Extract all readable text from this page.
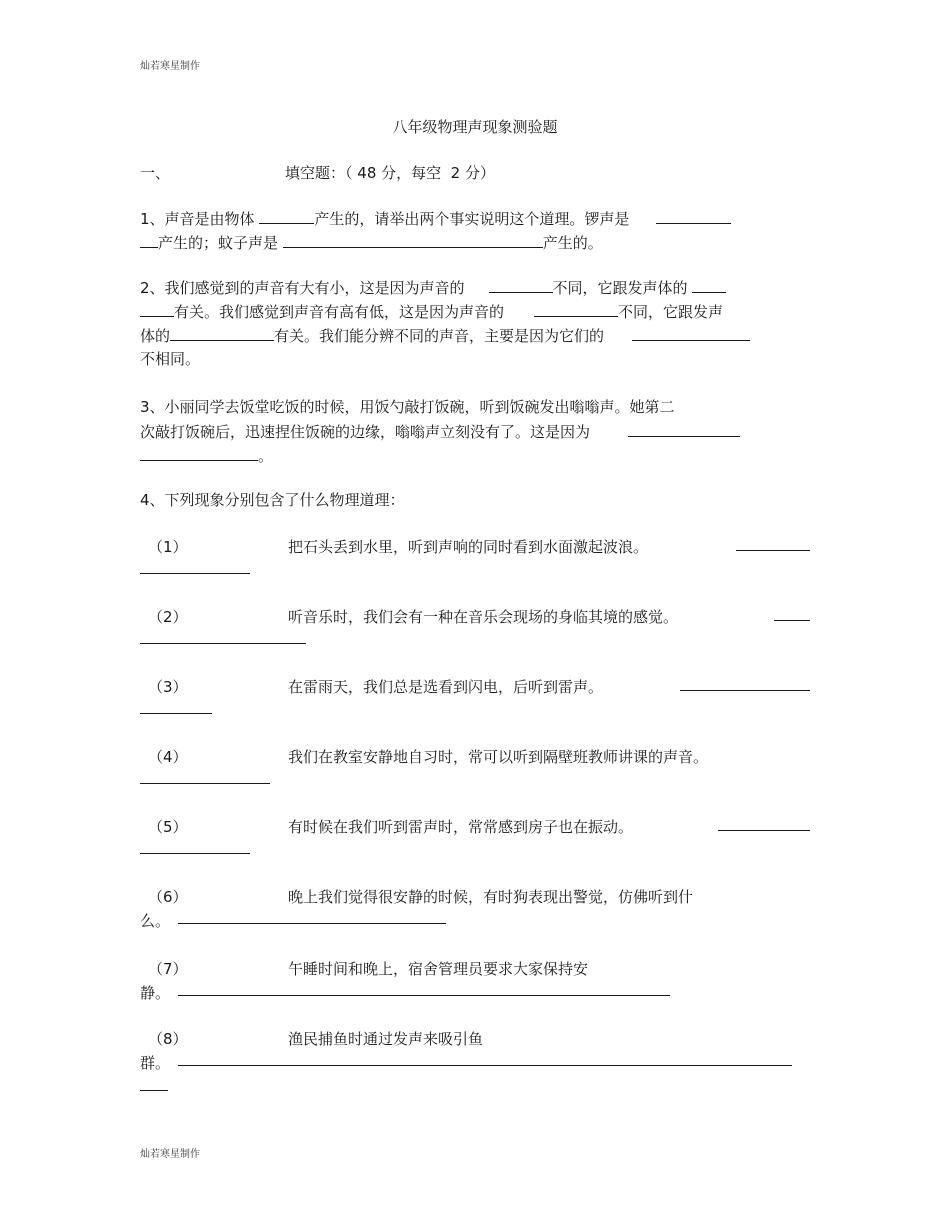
灿若寒星制作
八年级物理声现象测验题
一、	填空题：（ 48 分，每空  2 分）
1、声音是由物体	产生的，请举出两个事实说明这个道理。锣声是
产生的；蚊子声是	产生的。
2、我们感觉到的声音有大有小，这是因为声音的	不同，它跟发声体的
有关。我们感觉到声音有高有低，这是因为声音的	不同，它跟发声
体的	有关。我们能分辨不同的声音，主要是因为它们的
不相同。
3、小丽同学去饭堂吃饭的时候，用饭勺敲打饭碗，听到饭碗发出嗡嗡声。她第二
次敲打饭碗后，迅速捏住饭碗的边缘，嗡嗡声立刻没有了。这是因为
。
4、下列现象分别包含了什么物理道理：
（1）	把石头丢到水里，听到声响的同时看到水面激起波浪。
（2）	听音乐时，我们会有一种在音乐会现场的身临其境的感觉。
（3）	在雷雨天，我们总是选看到闪电，后听到雷声。
（4）	我们在教室安静地自习时，常可以听到隔壁班教师讲课的声音。
（5）	有时候在我们听到雷声时，常常感到房子也在振动。
（6）	晚上我们觉得很安静的时候，有时狗表现出警觉，仿佛听到什
么。
（7）	午睡时间和晚上，宿舍管理员要求大家保持安
静。
（8）	渔民捕鱼时通过发声来吸引鱼
群。
灿若寒星制作
